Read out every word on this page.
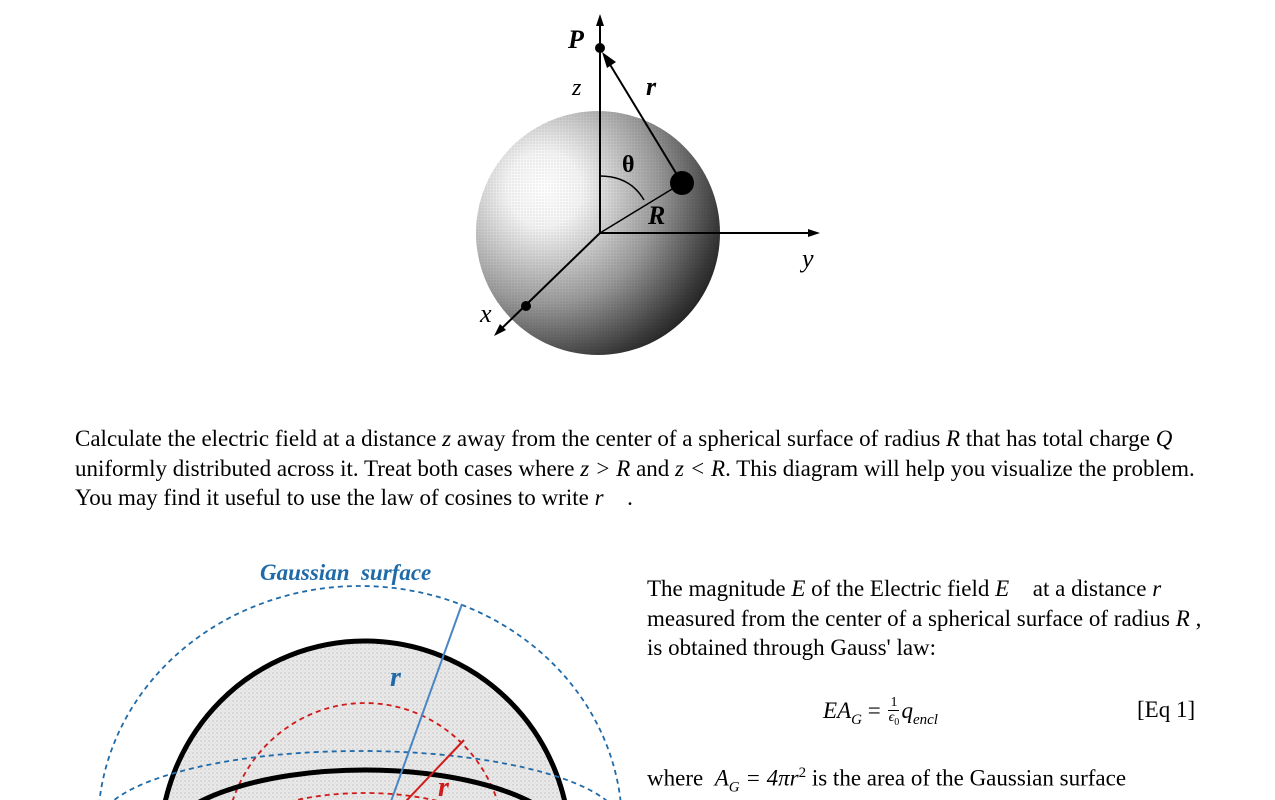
P
z r
θ
R
y
x
Calculate the electric field at a distance z away from the center of a spherical surface of radius R that has total charge Q uniformly distributed across it. Treat both cases where z > R and z < R. This diagram will help you visualize the problem. You may find it useful to use the law of cosines to write r⃗ .
Gaussian  surface
r
r
The magnitude E of the Electric field E⃗ at a distance r measured from the center of a spherical surface of radius R , is obtained through Gauss' law:
$EA_G = \frac{1}{\epsilon_0} q_{encl}$	[Eq 1]
where $A_G = 4\pi r^2$ is the area of the Gaussian surface
